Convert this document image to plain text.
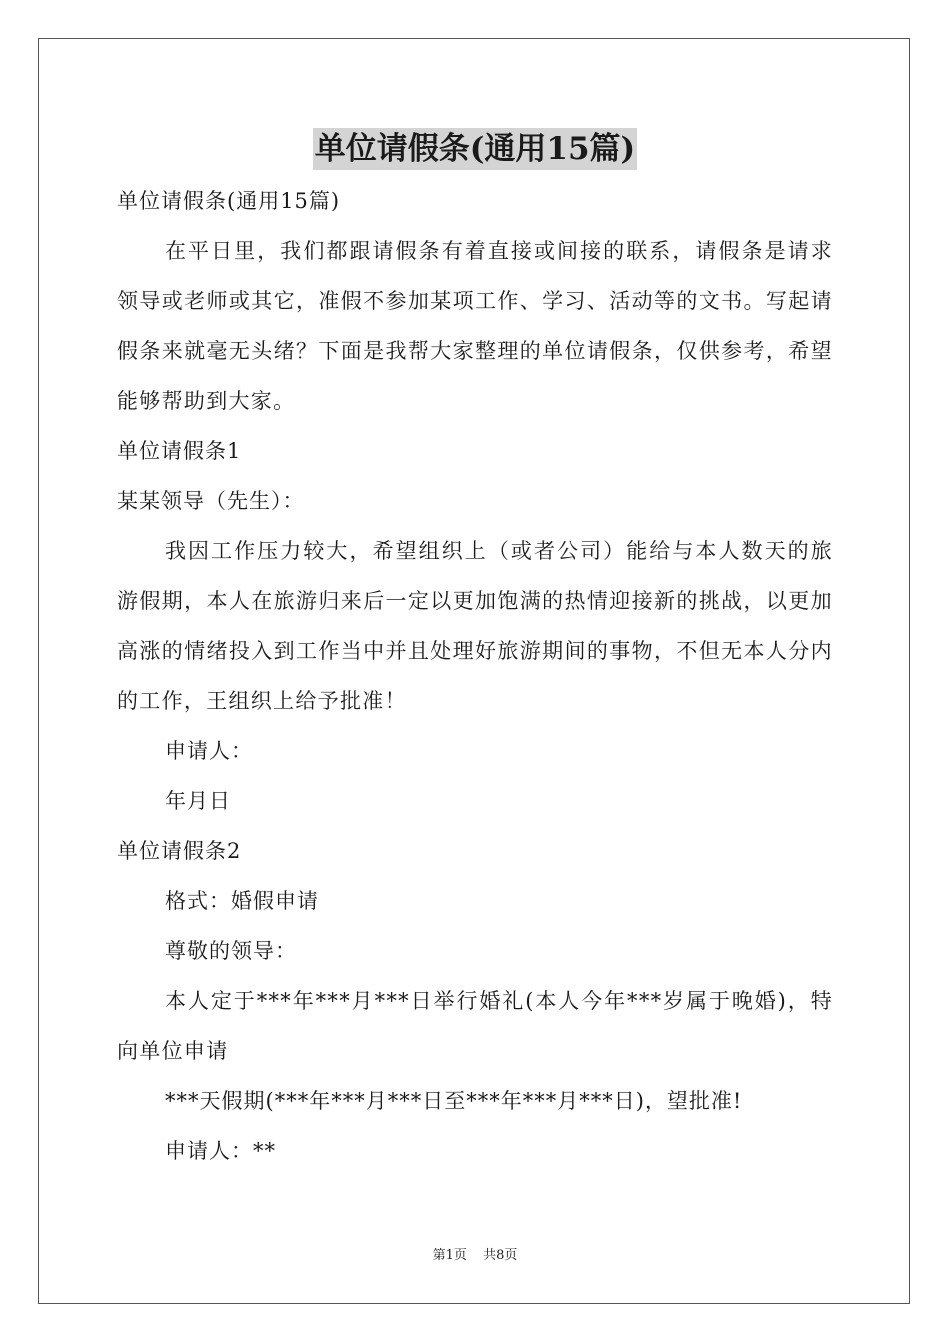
单位请假条(通用15篇)
单位请假条(通用15篇)

在平日里，我们都跟请假条有着直接或间接的联系，请假条是请求领导或老师或其它，准假不参加某项工作、学习、活动等的文书。写起请假条来就毫无头绪？下面是我帮大家整理的单位请假条，仅供参考，希望能够帮助到大家。

单位请假条1
某某领导（先生）：

我因工作压力较大，希望组织上（或者公司）能给与本人数天的旅游假期，本人在旅游归来后一定以更加饱满的热情迎接新的挑战，以更加高涨的情绪投入到工作当中并且处理好旅游期间的事物，不但无本人分内的工作，王组织上给予批准！

申请人：
年月日
单位请假条2
格式：婚假申请
尊敬的领导：

本人定于***年***月***日举行婚礼(本人今年***岁属于晚婚)，特向单位申请

***天假期(***年***月***日至***年***月***日)，望批准!
申请人：**
第1页 共8页
